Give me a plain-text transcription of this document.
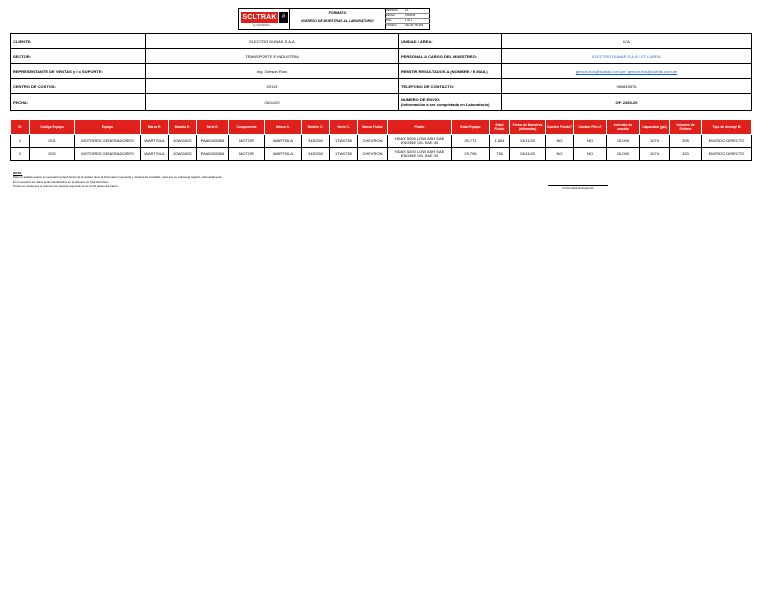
SCLTRAK #
by SOCIEDAD
FORMATO
INGRESO DE MUESTRAS AL LABORATORIO
VERSION	01
FECHA	15/03/19
PÁG	1 de 1
CODIGO	SIG-ST-TR-005
CLIENTE:	ELECTRO DUNAS S.A.A	UNIDAD / ÁREA:	ICA
SECTOR:	TRANSPORTE E INDUSTRIA	PERSONAL A CARGO DEL MUESTREO:	ELECTRO DUNAS S.A.A / CT LUREN
REPRESENTANTE DE VENTAS y / o SOPORTE:	Ing. Gerson Ríos	REMITIR RESULTADOS A (NOMBRE / E.MAIL)	gerson.rios@scltrak.com.pe; gerson.rios@scltrak.com.pe
CENTRO DE COSTOS:	20113	TELEFONO DE CONTACTO:	959849576
FECHA:	26/11/20	NUMERO DE ENVIO:
(Información a ser completada en Laboratorio)	OF. 2453-20
ID	Código Equipo	Equipo	Marca E.	Modelo E.	Serie E.	Componente	Marca C.	Modelo C.	Serie C.	Marca Fluido	Fluido	Edad Equipo	Edad Fluido	Fecha de Muestreo (dd/mm/aa)	Cambio Fluido?	Cambio Filtro?	Intervalo de cambio	Capacidad (gal)	Volumen de Relleno	Tipo de drenaje M
1	G01	MOTORES GENERADORES	WARTSILA	20W34SG	PAAE265365	MOTOR	WARTSILA	34SG50	17W0750	CHEVRON	HDAX 5200 LOW ASH SAE ENGINE OIL SAE 40	30,771	1,454	19/11/20	NO	NO	15,000	1074	395	EMITIDO DIRECTO
2	G02	MOTORES GENERADORES	WARTSILA	20W34SG	PAAE265366	MOTOR	WARTSILA	34SG50	17W0750	CHEVRON	HDAX 5200 LOW ASH SAE ENGINE OIL SAE 40	29,796	736	19/11/20	NO	NO	15,000	1074	320	EMITIDO DIRECTO
NOTA:
Para un análisis exacto es necesaria la descripción de la unidad, favor la información requerida y mantenerla invariable, para que se mantenga registro, adecuadamente.
En lo sucesivo los datos serán identificados en la etiqueta y/o hoja del frasco.
Tomar en cuenta que el volumen de muestra requerido es de la 3/4 partes del frasco.
Conformidad de Recepción
